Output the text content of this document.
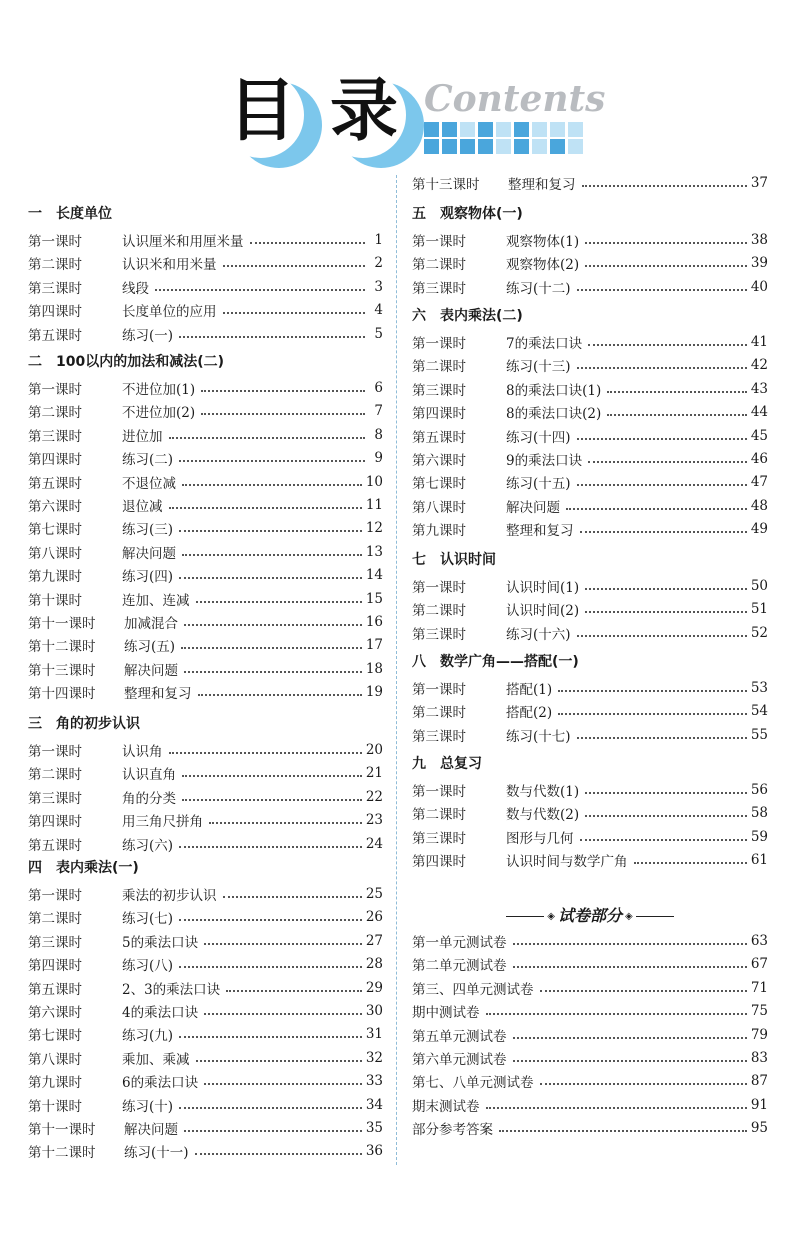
目 录 Contents
一　长度单位
第一课时	认识厘米和用厘米量	1
第二课时	认识米和用米量	2
第三课时	线段	3
第四课时	长度单位的应用	4
第五课时	练习(一)	5
二　100以内的加法和减法(二)
第一课时	不进位加(1)	6
第二课时	不进位加(2)	7
第三课时	进位加	8
第四课时	练习(二)	9
第五课时	不退位减	10
第六课时	退位减	11
第七课时	练习(三)	12
第八课时	解决问题	13
第九课时	练习(四)	14
第十课时	连加、连减	15
第十一课时	加减混合	16
第十二课时	练习(五)	17
第十三课时	解决问题	18
第十四课时	整理和复习	19
三　角的初步认识
第一课时	认识角	20
第二课时	认识直角	21
第三课时	角的分类	22
第四课时	用三角尺拼角	23
第五课时	练习(六)	24
四　表内乘法(一)
第一课时	乘法的初步认识	25
第二课时	练习(七)	26
第三课时	5的乘法口诀	27
第四课时	练习(八)	28
第五课时	2、3的乘法口诀	29
第六课时	4的乘法口诀	30
第七课时	练习(九)	31
第八课时	乘加、乘减	32
第九课时	6的乘法口诀	33
第十课时	练习(十)	34
第十一课时	解决问题	35
第十二课时	练习(十一)	36
第十三课时	整理和复习	37
五　观察物体(一)
第一课时	观察物体(1)	38
第二课时	观察物体(2)	39
第三课时	练习(十二)	40
六　表内乘法(二)
第一课时	7的乘法口诀	41
第二课时	练习(十三)	42
第三课时	8的乘法口诀(1)	43
第四课时	8的乘法口诀(2)	44
第五课时	练习(十四)	45
第六课时	9的乘法口诀	46
第七课时	练习(十五)	47
第八课时	解决问题	48
第九课时	整理和复习	49
七　认识时间
第一课时	认识时间(1)	50
第二课时	认识时间(2)	51
第三课时	练习(十六)	52
八　数学广角——搭配(一)
第一课时	搭配(1)	53
第二课时	搭配(2)	54
第三课时	练习(十七)	55
九　总复习
第一课时	数与代数(1)	56
第二课时	数与代数(2)	58
第三课时	图形与几何	59
第四课时	认识时间与数学广角	61
◈ 试卷部分 ◈
第一单元测试卷	63
第二单元测试卷	67
第三、四单元测试卷	71
期中测试卷	75
第五单元测试卷	79
第六单元测试卷	83
第七、八单元测试卷	87
期末测试卷	91
部分参考答案	95
